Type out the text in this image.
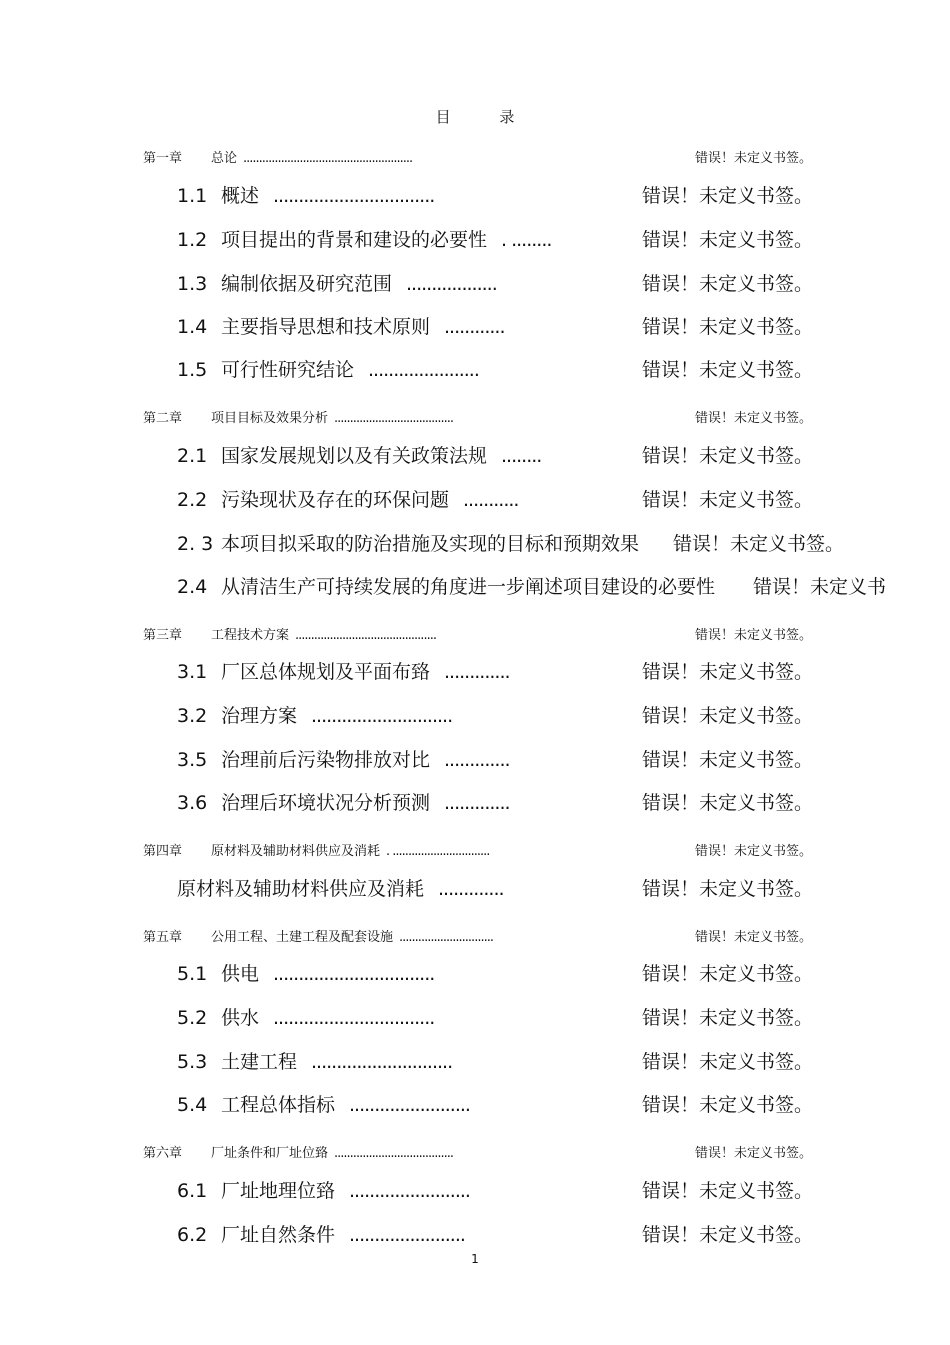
目 录
第一章 总论 ......................................................	错误！未定义书签。
1.1 概述 ................................	错误！未定义书签。
1.2 项目提出的背景和建设的必要性 . ........	错误！未定义书签。
1.3 编制依据及研究范围 ..................	错误！未定义书签。
1.4 主要指导思想和技术原则 ............	错误！未定义书签。
1.5 可行性研究结论 ......................	错误！未定义书签。
第二章 项目目标及效果分析 ......................................	错误！未定义书签。
2.1 国家发展规划以及有关政策法规 ........	错误！未定义书签。
2.2 污染现状及存在的环保问题 ...........	错误！未定义书签。
2. 3 本项目拟采取的防治措施及实现的目标和预期效果 错误！未定义书签。
2.4 从清洁生产可持续发展的角度进一步阐述项目建设的必要性 错误！未定义书
第三章 工程技术方案 .............................................	错误！未定义书签。
3.1 厂区总体规划及平面布臵 .............	错误！未定义书签。
3.2 治理方案 ............................	错误！未定义书签。
3.5 治理前后污染物排放对比 .............	错误！未定义书签。
3.6 治理后环境状况分析预测 .............	错误！未定义书签。
第四章 原材料及辅助材料供应及消耗 . ...............................	错误！未定义书签。
原材料及辅助材料供应及消耗 .............	错误！未定义书签。
第五章 公用工程、土建工程及配套设施 ..............................	错误！未定义书签。
5.1 供电 ................................	错误！未定义书签。
5.2 供水 ................................	错误！未定义书签。
5.3 土建工程 ............................	错误！未定义书签。
5.4 工程总体指标 ........................	错误！未定义书签。
第六章 厂址条件和厂址位臵 ......................................	错误！未定义书签。
6.1 厂址地理位臵 ........................	错误！未定义书签。
6.2 厂址自然条件 .......................	错误！未定义书签。
1
